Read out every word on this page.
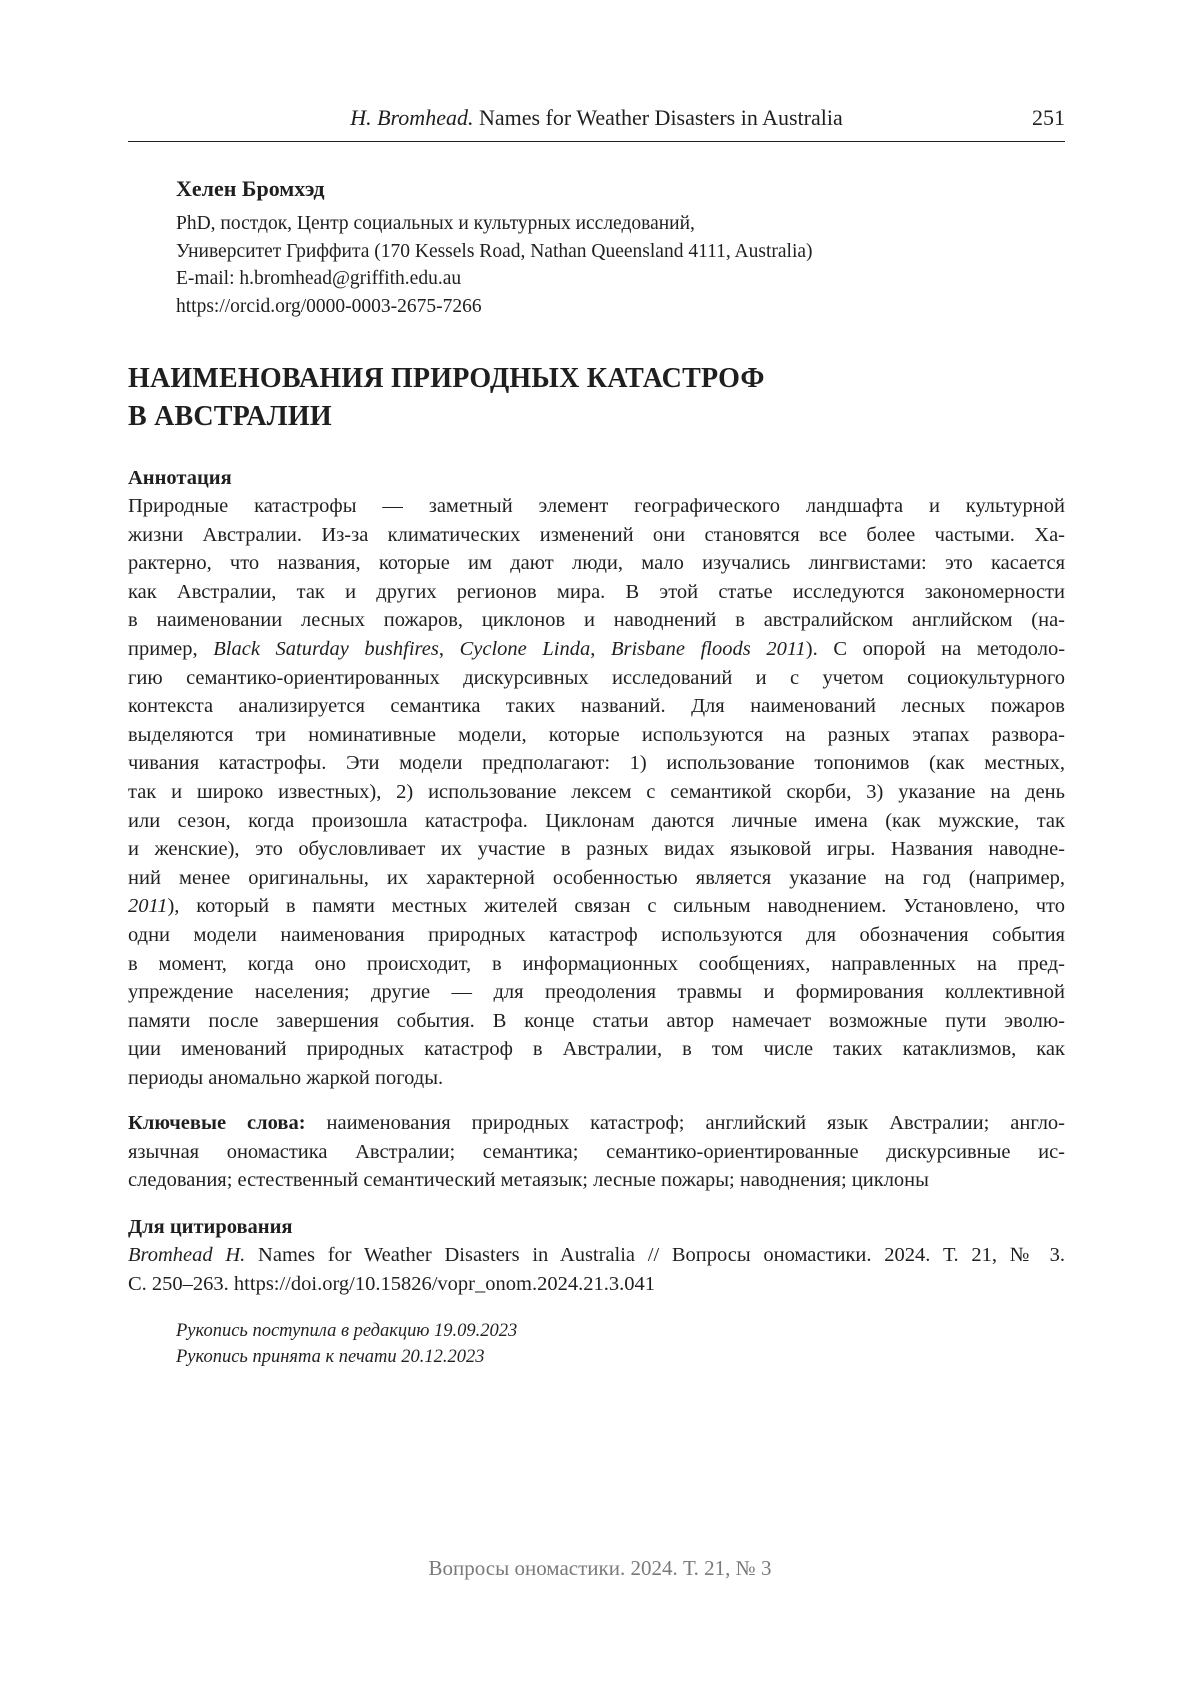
H. Bromhead. Names for Weather Disasters in Australia	251
Хелен Бромхэд
PhD, постдок, Центр социальных и культурных исследований,
Университет Гриффита (170 Kessels Road, Nathan Queensland 4111, Australia)
E-mail: h.bromhead@griffith.edu.au
https://orcid.org/0000-0003-2675-7266
НАИМЕНОВАНИЯ ПРИРОДНЫХ КАТАСТРОФ
В АВСТРАЛИИ
Аннотация
Природные катастрофы — заметный элемент географического ландшафта и культурной
жизни Австралии. Из-за климатических изменений они становятся все более частыми. Ха-
рактерно, что названия, которые им дают люди, мало изучались лингвистами: это касается
как Австралии, так и других регионов мира. В этой статье исследуются закономерности
в наименовании лесных пожаров, циклонов и наводнений в австралийском английском (на-
пример, Black Saturday bushfires, Cyclone Linda, Brisbane floods 2011). С опорой на методоло-
гию семантико-ориентированных дискурсивных исследований и с учетом социокультурного
контекста анализируется семантика таких названий. Для наименований лесных пожаров
выделяются три номинативные модели, которые используются на разных этапах развора-
чивания катастрофы. Эти модели предполагают: 1) использование топонимов (как местных,
так и широко известных), 2) использование лексем с семантикой скорби, 3) указание на день
или сезон, когда произошла катастрофа. Циклонам даются личные имена (как мужские, так
и женские), это обусловливает их участие в разных видах языковой игры. Названия наводне-
ний менее оригинальны, их характерной особенностью является указание на год (например,
2011), который в памяти местных жителей связан с сильным наводнением. Установлено, что
одни модели наименования природных катастроф используются для обозначения события
в момент, когда оно происходит, в информационных сообщениях, направленных на пред-
упреждение населения; другие — для преодоления травмы и формирования коллективной
памяти после завершения события. В конце статьи автор намечает возможные пути эволю-
ции именований природных катастроф в Австралии, в том числе таких катаклизмов, как
периоды аномально жаркой погоды.
Ключевые слова: наименования природных катастроф; английский язык Австралии; англо-
язычная ономастика Австралии; семантика; семантико-ориентированные дискурсивные ис-
следования; естественный семантический метаязык; лесные пожары; наводнения; циклоны
Для цитирования
Bromhead H. Names for Weather Disasters in Australia // Вопросы ономастики. 2024. Т. 21, № 3.
С. 250–263. https://doi.org/10.15826/vopr_onom.2024.21.3.041
Рукопись поступила в редакцию 19.09.2023
Рукопись принята к печати 20.12.2023
Вопросы ономастики. 2024. Т. 21, № 3
